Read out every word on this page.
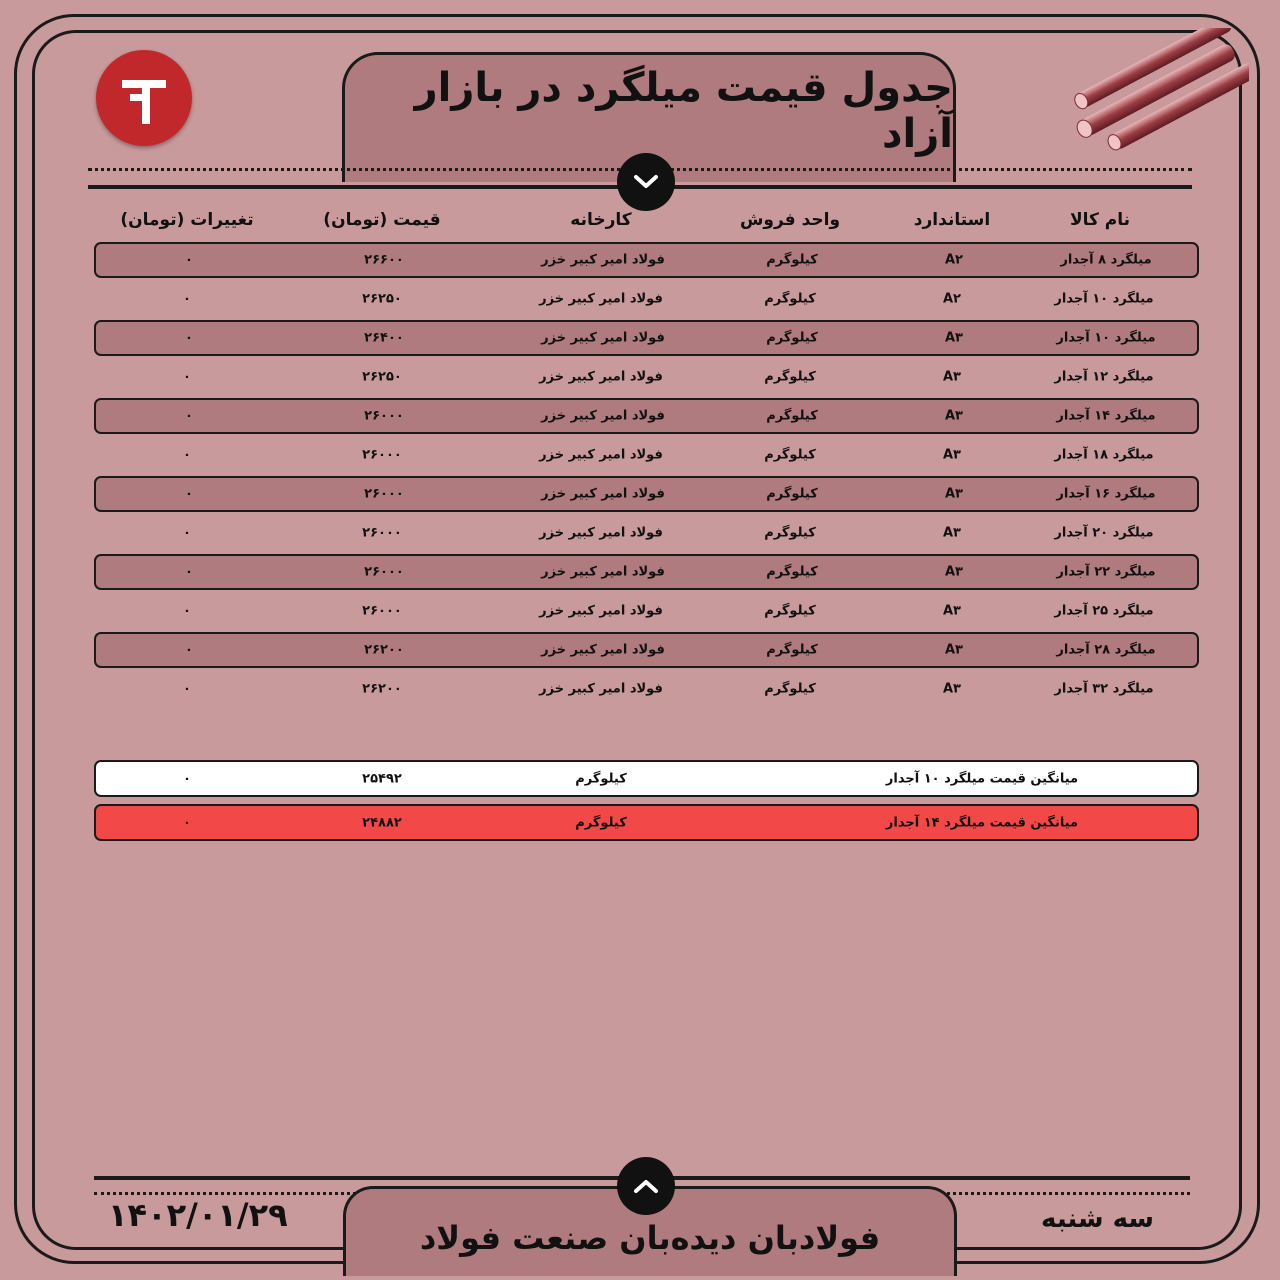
جدول قیمت میلگرد در بازار آزاد
نام کالا
استاندارد
واحد فروش
کارخانه
قیمت (تومان)
تغییرات (تومان)
میلگرد ۸ آجدار
A۲
کیلوگرم
فولاد امیر کبیر خزر
۲۶۶۰۰
۰
میلگرد ۱۰ آجدار
A۲
کیلوگرم
فولاد امیر کبیر خزر
۲۶۲۵۰
۰
میلگرد ۱۰ آجدار
A۳
کیلوگرم
فولاد امیر کبیر خزر
۲۶۴۰۰
۰
میلگرد ۱۲ آجدار
A۳
کیلوگرم
فولاد امیر کبیر خزر
۲۶۲۵۰
۰
میلگرد ۱۴ آجدار
A۳
کیلوگرم
فولاد امیر کبیر خزر
۲۶۰۰۰
۰
میلگرد ۱۸ آجدار
A۳
کیلوگرم
فولاد امیر کبیر خزر
۲۶۰۰۰
۰
میلگرد ۱۶ آجدار
A۳
کیلوگرم
فولاد امیر کبیر خزر
۲۶۰۰۰
۰
میلگرد ۲۰ آجدار
A۳
کیلوگرم
فولاد امیر کبیر خزر
۲۶۰۰۰
۰
میلگرد ۲۲ آجدار
A۳
کیلوگرم
فولاد امیر کبیر خزر
۲۶۰۰۰
۰
میلگرد ۲۵ آجدار
A۳
کیلوگرم
فولاد امیر کبیر خزر
۲۶۰۰۰
۰
میلگرد ۲۸ آجدار
A۳
کیلوگرم
فولاد امیر کبیر خزر
۲۶۲۰۰
۰
میلگرد ۳۲ آجدار
A۳
کیلوگرم
فولاد امیر کبیر خزر
۲۶۲۰۰
۰
میانگین قیمت میلگرد ۱۰ آجدار
کیلوگرم
۲۵۴۹۲
۰
میانگین قیمت میلگرد ۱۴ آجدار
کیلوگرم
۲۴۸۸۲
۰
فولادبان دیده‌بان صنعت فولاد
۱۴۰۲/۰۱/۲۹	سه شنبه
